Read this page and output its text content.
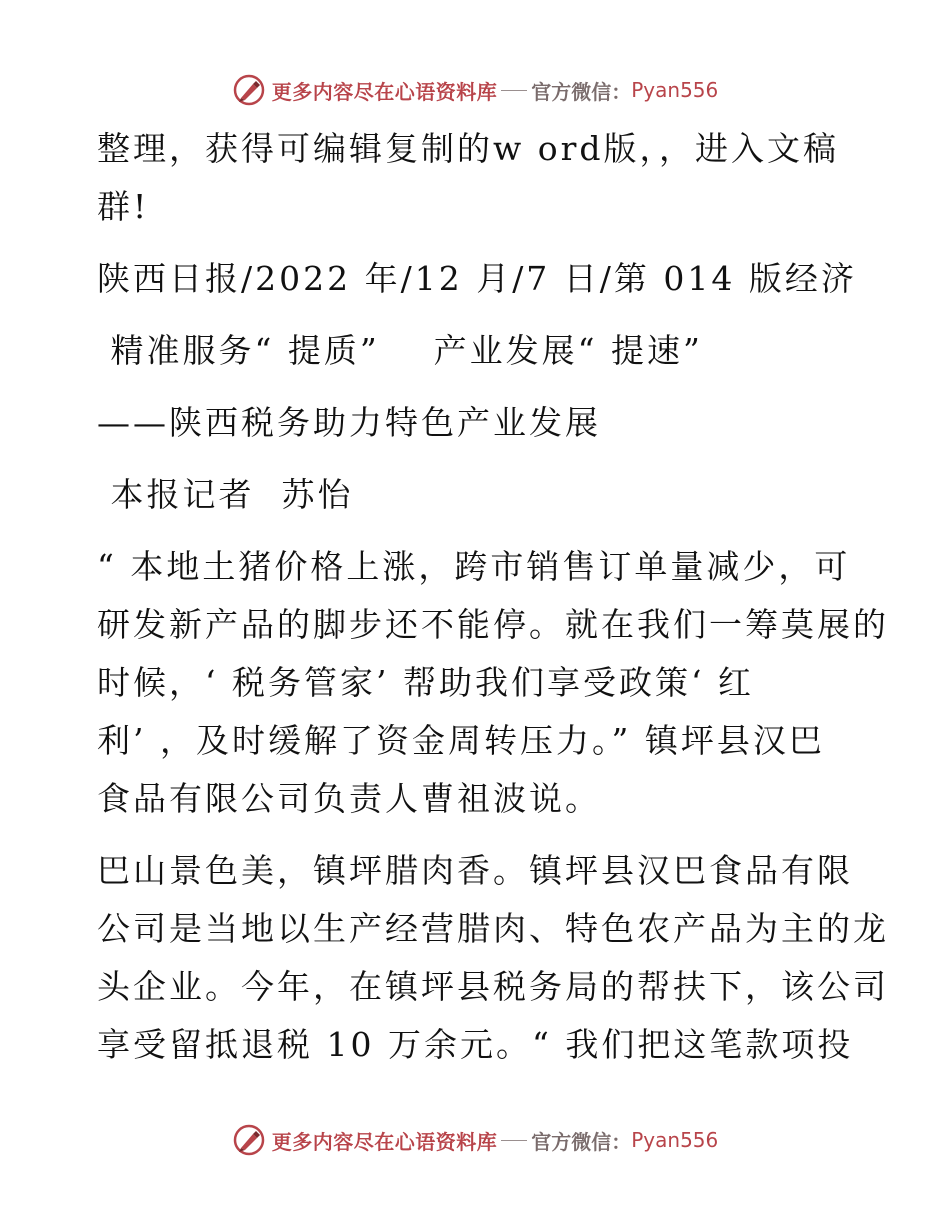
更多内容尽在心语资料库 官方微信： Pyan556

整理，获得可编辑复制的w ord版，，进入文稿

群!

陕西日报/2022 年/12 月/7 日/第 014 版经济

精准服务“ 提质”    产业发展“ 提速”

——陕西税务助力特色产业发展

本报记者  苏怡

“ 本地土猪价格上涨，跨市销售订单量减少，可

研发新产品的脚步还不能停。就在我们一筹莫展的

时候，‘ 税务管家’ 帮助我们享受政策‘ 红

利’ ，及时缓解了资金周转压力。” 镇坪县汉巴

食品有限公司负责人曹祖波说。

巴山景色美，镇坪腊肉香。镇坪县汉巴食品有限

公司是当地以生产经营腊肉、特色农产品为主的龙

头企业。今年，在镇坪县税务局的帮扶下，该公司

享受留抵退税 10 万余元。“ 我们把这笔款项投

更多内容尽在心语资料库 官方微信： Pyan556
